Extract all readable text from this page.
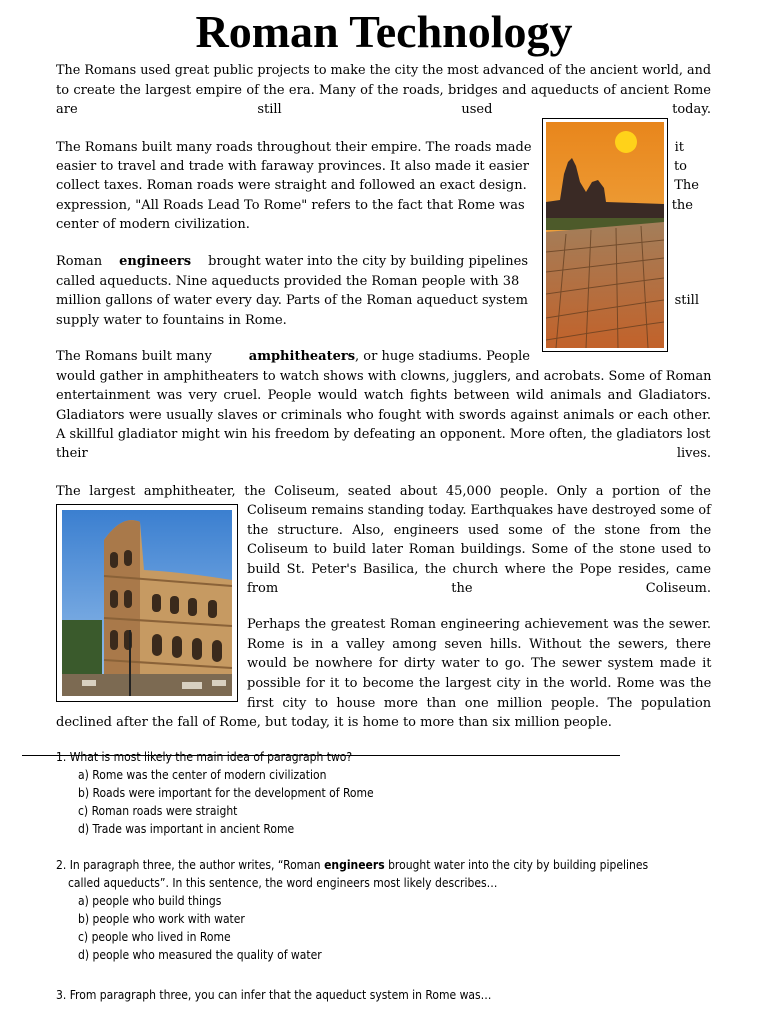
Roman Technology
The Romans used great public projects to make the city the most advanced of the ancient world, and
to create the largest empire of the era. Many of the roads, bridges and aqueducts of ancient Rome
are still used today.
The Romans built many roads throughout their empire. The roads made	it
easier to travel and trade with faraway provinces. It also made it easier	to
collect taxes. Roman roads were straight and followed an exact design.	The
expression, "All Roads Lead To Rome" refers to the fact that Rome was	the
center of modern civilization.
Roman engineers brought water into the city by building pipelines
called aqueducts. Nine aqueducts provided the Roman people with 38
million gallons of water every day. Parts of the Roman aqueduct system	still
supply water to fountains in Rome.
The Romans built many	amphitheaters, or huge stadiums. People
would gather in amphitheaters to watch shows with clowns, jugglers, and acrobats. Some of Roman
entertainment was very cruel. People would watch fights between wild animals and Gladiators.
Gladiators were usually slaves or criminals who fought with swords against animals or each other.
A skillful gladiator might win his freedom by defeating an opponent. More often, the gladiators lost
their lives.
The largest amphitheater, the Coliseum, seated about 45,000 people. Only a portion of the
Coliseum remains standing today. Earthquakes have destroyed some of
the structure. Also, engineers used some of the stone from the
Coliseum to build later Roman buildings. Some of the stone used to
build St. Peter's Basilica, the church where the Pope resides, came
from the Coliseum.
Perhaps the greatest Roman engineering achievement was the sewer.
Rome is in a valley among seven hills. Without the sewers, there
would be nowhere for dirty water to go. The sewer system made it
possible for it to become the largest city in the world. Rome was the
first city to house more than one million people. The population
declined after the fall of Rome, but today, it is home to more than six million people.
1. What is most likely the main idea of paragraph two?
a) Rome was the center of modern civilization
b) Roads were important for the development of Rome
c) Roman roads were straight
d) Trade was important in ancient Rome
2. In paragraph three, the author writes, “Roman engineers brought water into the city by building pipelines
called aqueducts”. In this sentence, the word engineers most likely describes…
a) people who build things
b) people who work with water
c) people who lived in Rome
d) people who measured the quality of water
3. From paragraph three, you can infer that the aqueduct system in Rome was…
